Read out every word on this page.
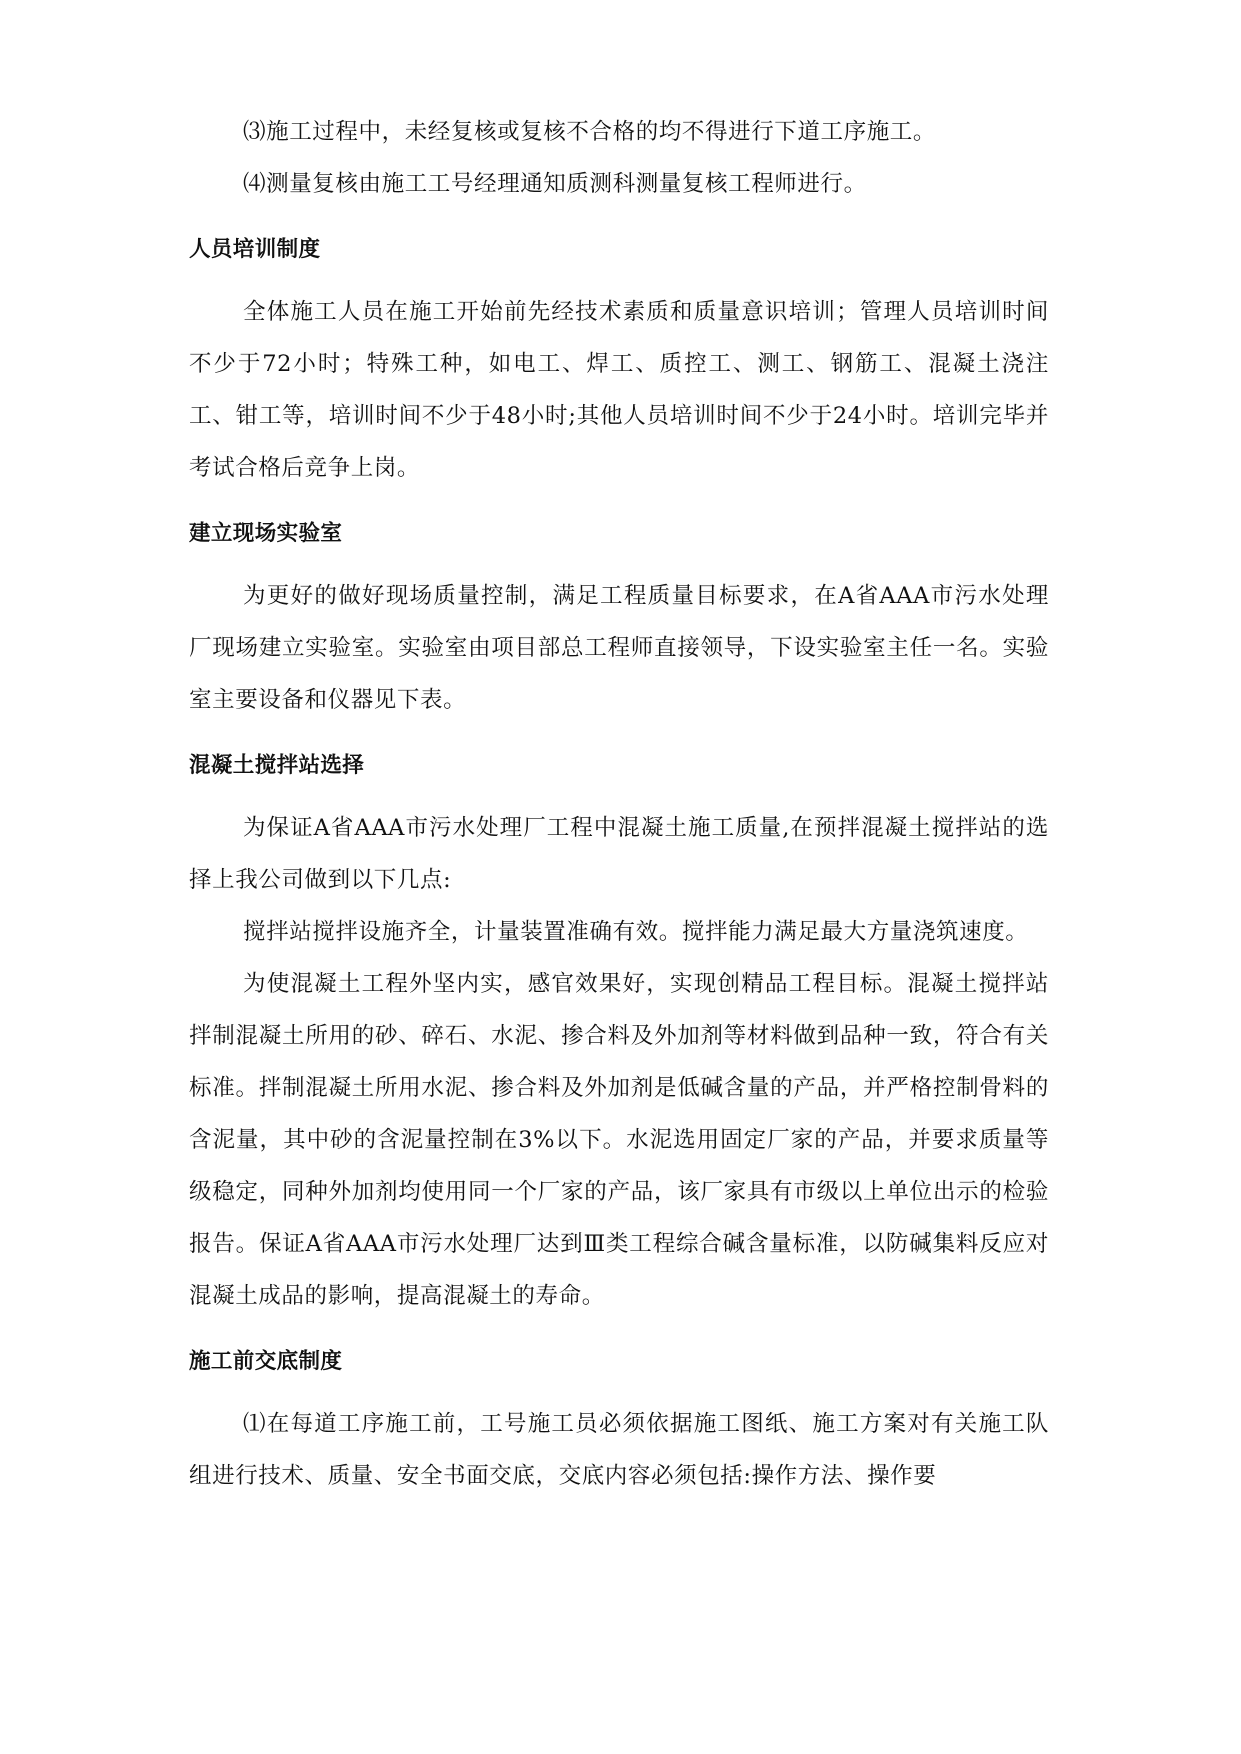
⑶施工过程中，未经复核或复核不合格的均不得进行下道工序施工。

⑷测量复核由施工工号经理通知质测科测量复核工程师进行。

人员培训制度

全体施工人员在施工开始前先经技术素质和质量意识培训；管理人员培训时间不少于72小时；特殊工种，如电工、焊工、质控工、测工、钢筋工、混凝土浇注工、钳工等，培训时间不少于48小时;其他人员培训时间不少于24小时。培训完毕并考试合格后竞争上岗。

建立现场实验室

为更好的做好现场质量控制，满足工程质量目标要求，在A省AAA市污水处理厂现场建立实验室。实验室由项目部总工程师直接领导，下设实验室主任一名。实验室主要设备和仪器见下表。

混凝土搅拌站选择

为保证A省AAA市污水处理厂工程中混凝土施工质量,在预拌混凝土搅拌站的选择上我公司做到以下几点:

搅拌站搅拌设施齐全，计量装置准确有效。搅拌能力满足最大方量浇筑速度。

为使混凝土工程外坚内实，感官效果好，实现创精品工程目标。混凝土搅拌站拌制混凝土所用的砂、碎石、水泥、掺合料及外加剂等材料做到品种一致，符合有关标准。拌制混凝土所用水泥、掺合料及外加剂是低碱含量的产品，并严格控制骨料的含泥量，其中砂的含泥量控制在3%以下。水泥选用固定厂家的产品，并要求质量等级稳定，同种外加剂均使用同一个厂家的产品，该厂家具有市级以上单位出示的检验报告。保证A省AAA市污水处理厂达到Ⅲ类工程综合碱含量标准，以防碱集料反应对混凝土成品的影响，提高混凝土的寿命。

施工前交底制度

⑴在每道工序施工前，工号施工员必须依据施工图纸、施工方案对有关施工队组进行技术、质量、安全书面交底，交底内容必须包括:操作方法、操作要
